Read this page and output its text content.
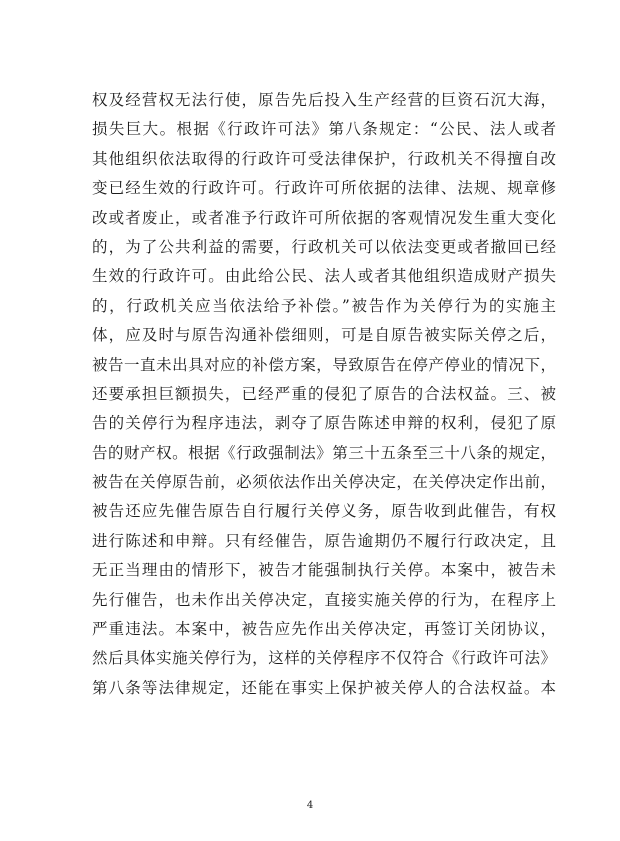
权及经营权无法行使，原告先后投入生产经营的巨资石沉大海，
损失巨大。根据《行政许可法》第八条规定：“公民、法人或者
其他组织依法取得的行政许可受法律保护，行政机关不得擅自改
变已经生效的行政许可。行政许可所依据的法律、法规、规章修
改或者废止，或者准予行政许可所依据的客观情况发生重大变化
的，为了公共利益的需要，行政机关可以依法变更或者撤回已经
生效的行政许可。由此给公民、法人或者其他组织造成财产损失
的，行政机关应当依法给予补偿。”被告作为关停行为的实施主
体，应及时与原告沟通补偿细则，可是自原告被实际关停之后，
被告一直未出具对应的补偿方案，导致原告在停产停业的情况下，
还要承担巨额损失，已经严重的侵犯了原告的合法权益。三、被
告的关停行为程序违法，剥夺了原告陈述申辩的权利，侵犯了原
告的财产权。根据《行政强制法》第三十五条至三十八条的规定，
被告在关停原告前，必须依法作出关停决定，在关停决定作出前，
被告还应先催告原告自行履行关停义务，原告收到此催告，有权
进行陈述和申辩。只有经催告，原告逾期仍不履行行政决定，且
无正当理由的情形下，被告才能强制执行关停。本案中，被告未
先行催告，也未作出关停决定，直接实施关停的行为，在程序上
严重违法。本案中，被告应先作出关停决定，再签订关闭协议，
然后具体实施关停行为，这样的关停程序不仅符合《行政许可法》
第八条等法律规定，还能在事实上保护被关停人的合法权益。本
4
